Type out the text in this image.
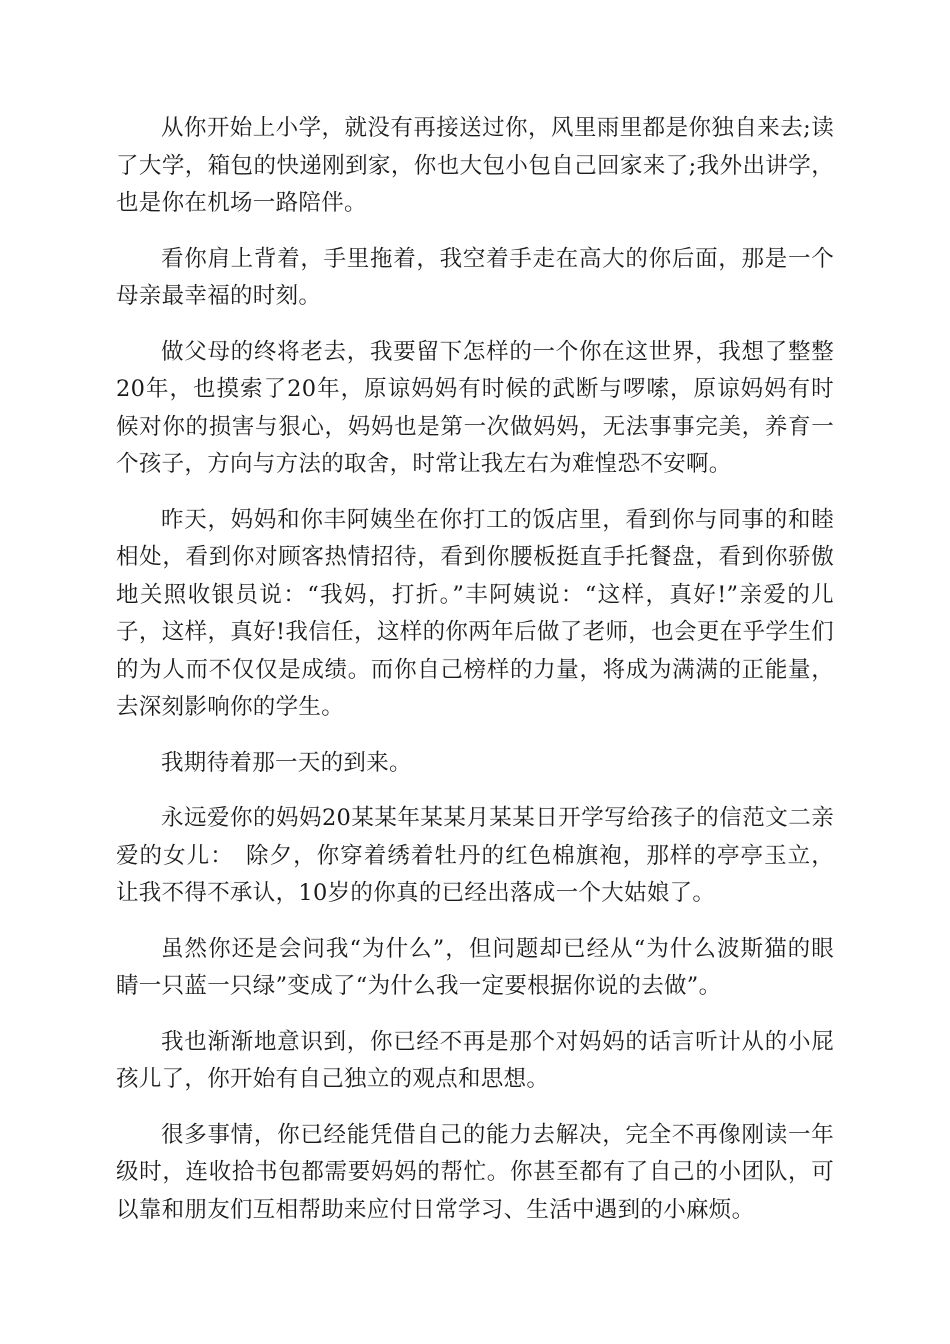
从你开始上小学，就没有再接送过你，风里雨里都是你独自来去;读了大学，箱包的快递刚到家，你也大包小包自己回家来了;我外出讲学，也是你在机场一路陪伴。

看你肩上背着，手里拖着，我空着手走在高大的你后面，那是一个母亲最幸福的时刻。

做父母的终将老去，我要留下怎样的一个你在这世界，我想了整整20年，也摸索了20年，原谅妈妈有时候的武断与啰嗦，原谅妈妈有时候对你的损害与狠心，妈妈也是第一次做妈妈，无法事事完美，养育一个孩子，方向与方法的取舍，时常让我左右为难惶恐不安啊。

昨天，妈妈和你丰阿姨坐在你打工的饭店里，看到你与同事的和睦相处，看到你对顾客热情招待，看到你腰板挺直手托餐盘，看到你骄傲地关照收银员说：“我妈，打折。”丰阿姨说：“这样，真好!”亲爱的儿子，这样，真好!我信任，这样的你两年后做了老师，也会更在乎学生们的为人而不仅仅是成绩。而你自己榜样的力量，将成为满满的正能量，去深刻影响你的学生。

我期待着那一天的到来。

永远爱你的妈妈20某某年某某月某某日开学写给孩子的信范文二亲爱的女儿：　除夕，你穿着绣着牡丹的红色棉旗袍，那样的亭亭玉立，让我不得不承认，10岁的你真的已经出落成一个大姑娘了。

虽然你还是会问我“为什么”，但问题却已经从“为什么波斯猫的眼睛一只蓝一只绿”变成了“为什么我一定要根据你说的去做”。

我也渐渐地意识到，你已经不再是那个对妈妈的话言听计从的小屁孩儿了，你开始有自己独立的观点和思想。

很多事情，你已经能凭借自己的能力去解决，完全不再像刚读一年级时，连收拾书包都需要妈妈的帮忙。你甚至都有了自己的小团队，可以靠和朋友们互相帮助来应付日常学习、生活中遇到的小麻烦。
